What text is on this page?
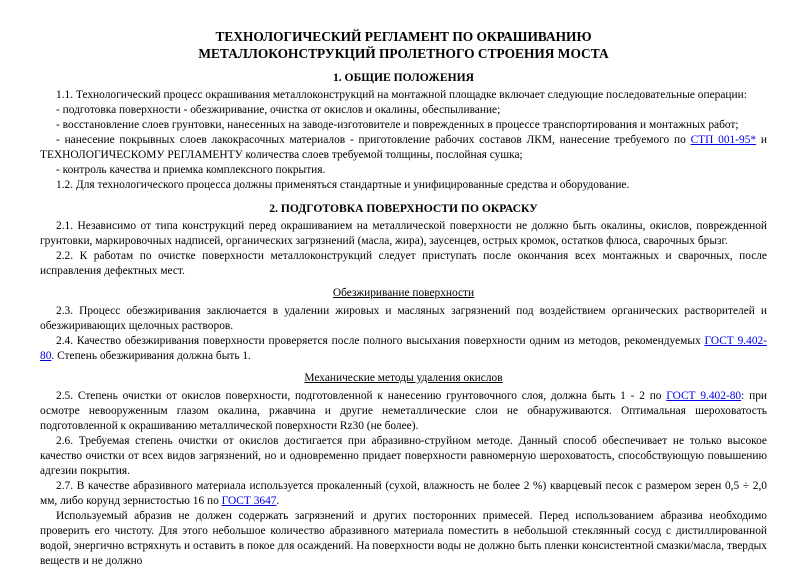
ТЕХНОЛОГИЧЕСКИЙ РЕГЛАМЕНТ ПО ОКРАШИВАНИЮ
МЕТАЛЛОКОНСТРУКЦИЙ ПРОЛЕТНОГО СТРОЕНИЯ МОСТА
1. ОБЩИЕ ПОЛОЖЕНИЯ

1.1. Технологический процесс окрашивания металлоконструкций на монтажной площадке включает следующие последовательные операции:

- подготовка поверхности - обезжиривание, очистка от окислов и окалины, обеспыливание;

- восстановление слоев грунтовки, нанесенных на заводе-изготовителе и поврежденных в процессе транспортирования и монтажных работ;

- нанесение покрывных слоев лакокрасочных материалов - приготовление рабочих составов ЛКМ, нанесение требуемого по СТП 001-95* и ТЕХНОЛОГИЧЕСКОМУ РЕГЛАМЕНТУ количества слоев требуемой толщины, послойная сушка;

- контроль качества и приемка комплексного покрытия.

1.2. Для технологического процесса должны применяться стандартные и унифицированные средства и оборудование.

2. ПОДГОТОВКА ПОВЕРХНОСТИ ПО ОКРАСКУ

2.1. Независимо от типа конструкций перед окрашиванием на металлической поверхности не должно быть окалины, окислов, поврежденной грунтовки, маркировочных надписей, органических загрязнений (масла, жира), заусенцев, острых кромок, остатков флюса, сварочных брызг.

2.2. К работам по очистке поверхности металлоконструкций следует приступать после окончания всех монтажных и сварочных, после исправления дефектных мест.

Обезжиривание поверхности

2.3. Процесс обезжиривания заключается в удалении жировых и масляных загрязнений под воздействием органических растворителей и обезжиривающих щелочных растворов.

2.4. Качество обезжиривания поверхности проверяется после полного высыхания поверхности одним из методов, рекомендуемых ГОСТ 9.402-80. Степень обезжиривания должна быть 1.

Механические методы удаления окислов

2.5. Степень очистки от окислов поверхности, подготовленной к нанесению грунтовочного слоя, должна быть 1 - 2 по ГОСТ 9.402-80: при осмотре невооруженным глазом окалина, ржавчина и другие неметаллические слои не обнаруживаются. Оптимальная шероховатость подготовленной к окрашиванию металлической поверхности Rz30 (не более).

2.6. Требуемая степень очистки от окислов достигается при абразивно-струйном методе. Данный способ обеспечивает не только высокое качество очистки от всех видов загрязнений, но и одновременно придает поверхности равномерную шероховатость, способствующую повышению адгезии покрытия.

2.7. В качестве абразивного материала используется прокаленный (сухой, влажность не более 2 %) кварцевый песок с размером зерен 0,5 ÷ 2,0 мм, либо корунд зернистостью 16 по ГОСТ 3647.

Используемый абразив не должен содержать загрязнений и других посторонних примесей. Перед использованием абразива необходимо проверить его чистоту. Для этого небольшое количество абразивного материала поместить в небольшой стеклянный сосуд с дистиллированной водой, энергично встряхнуть и оставить в покое для осаждений. На поверхности воды не должно быть пленки консистентной смазки/масла, твердых веществ и не должно
